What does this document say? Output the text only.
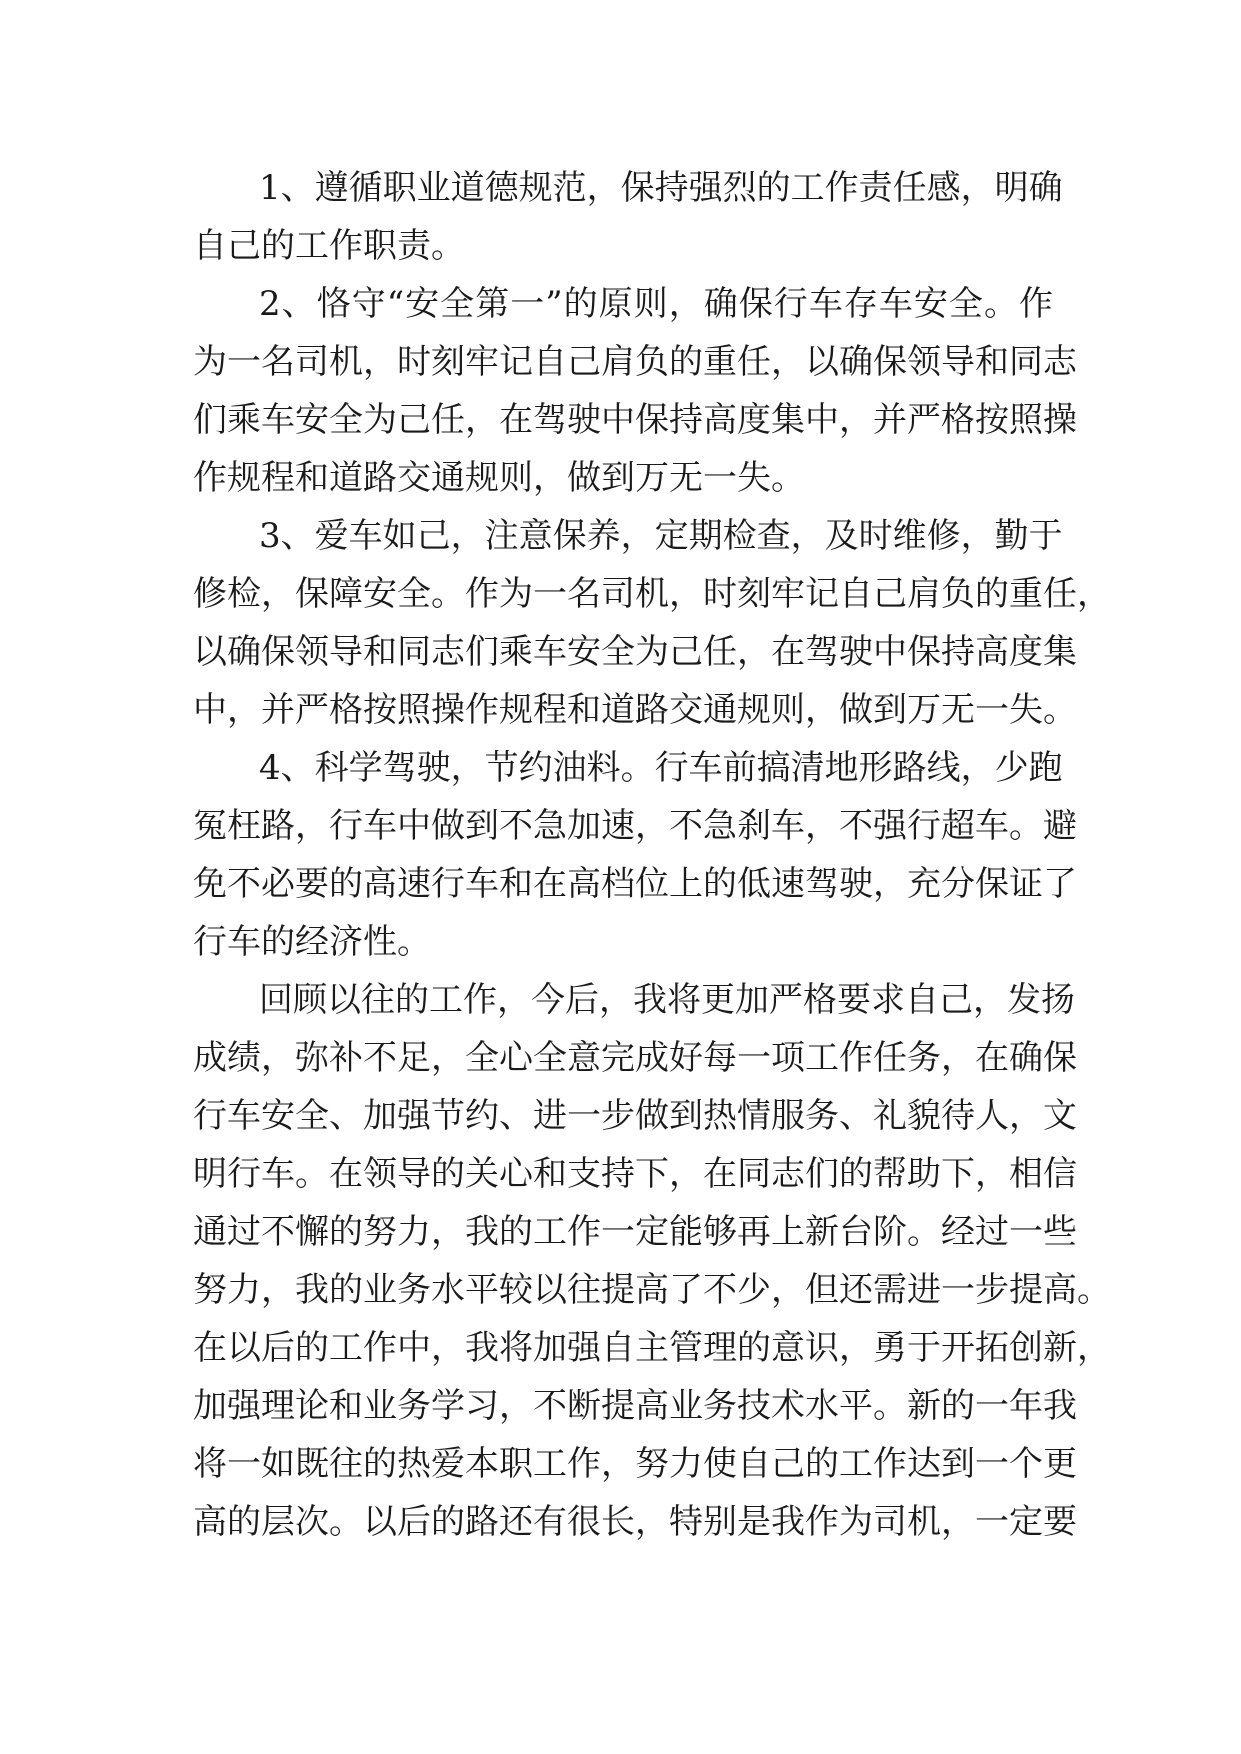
1、遵循职业道德规范，保持强烈的工作责任感，明确
自己的工作职责。
2、恪守“安全第一”的原则，确保行车存车安全。作
为一名司机，时刻牢记自己肩负的重任，以确保领导和同志
们乘车安全为己任，在驾驶中保持高度集中，并严格按照操
作规程和道路交通规则，做到万无一失。
3、爱车如己，注意保养，定期检查，及时维修，勤于
修检，保障安全。作为一名司机，时刻牢记自己肩负的重任，
以确保领导和同志们乘车安全为己任，在驾驶中保持高度集
中，并严格按照操作规程和道路交通规则，做到万无一失。
4、科学驾驶，节约油料。行车前搞清地形路线，少跑
冤枉路，行车中做到不急加速，不急刹车，不强行超车。避
免不必要的高速行车和在高档位上的低速驾驶，充分保证了
行车的经济性。
回顾以往的工作，今后，我将更加严格要求自己，发扬
成绩，弥补不足，全心全意完成好每一项工作任务，在确保
行车安全、加强节约、进一步做到热情服务、礼貌待人，文
明行车。在领导的关心和支持下，在同志们的帮助下，相信
通过不懈的努力，我的工作一定能够再上新台阶。经过一些
努力，我的业务水平较以往提高了不少，但还需进一步提高。
在以后的工作中，我将加强自主管理的意识，勇于开拓创新，
加强理论和业务学习，不断提高业务技术水平。新的一年我
将一如既往的热爱本职工作，努力使自己的工作达到一个更
高的层次。以后的路还有很长，特别是我作为司机，一定要
